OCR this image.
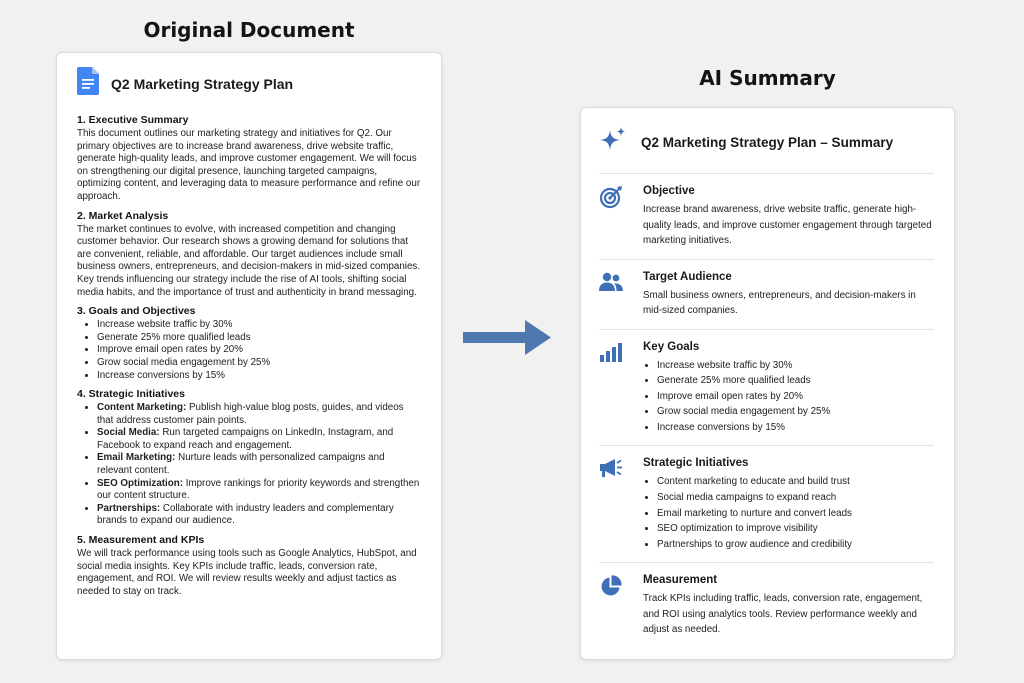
Original Document
AI Summary
Q2 Marketing Strategy Plan
1. Executive Summary

This document outlines our marketing strategy and initiatives for Q2. Our primary objectives are to increase brand awareness, drive website traffic, generate high-quality leads, and improve customer engagement. We will focus on strengthening our digital presence, launching targeted campaigns, optimizing content, and leveraging data to measure performance and refine our approach.

2. Market Analysis

The market continues to evolve, with increased competition and changing customer behavior. Our research shows a growing demand for solutions that are convenient, reliable, and affordable. Our target audiences include small business owners, entrepreneurs, and decision-makers in mid-sized companies. Key trends influencing our strategy include the rise of AI tools, shifting social media habits, and the importance of trust and authenticity in brand messaging.

3. Goals and Objectives
• Increase website traffic by 30%
• Generate 25% more qualified leads
• Improve email open rates by 20%
• Grow social media engagement by 25%
• Increase conversions by 15%
4. Strategic Initiatives
• Content Marketing: Publish high-value blog posts, guides, and videos that address customer pain points.
• Social Media: Run targeted campaigns on LinkedIn, Instagram, and Facebook to expand reach and engagement.
• Email Marketing: Nurture leads with personalized campaigns and relevant content.
• SEO Optimization: Improve rankings for priority keywords and strengthen our content structure.
• Partnerships: Collaborate with industry leaders and complementary brands to expand our audience.
5. Measurement and KPIs

We will track performance using tools such as Google Analytics, HubSpot, and social media insights. Key KPIs include traffic, leads, conversion rate, engagement, and ROI. We will review results weekly and adjust tactics as needed to stay on track.

Q2 Marketing Strategy Plan – Summary
Objective

Increase brand awareness, drive website traffic, generate high-quality leads, and improve customer engagement through targeted marketing initiatives.

Target Audience

Small business owners, entrepreneurs, and decision-makers in mid-sized companies.

Key Goals
• Increase website traffic by 30%
• Generate 25% more qualified leads
• Improve email open rates by 20%
• Grow social media engagement by 25%
• Increase conversions by 15%
Strategic Initiatives
• Content marketing to educate and build trust
• Social media campaigns to expand reach
• Email marketing to nurture and convert leads
• SEO optimization to improve visibility
• Partnerships to grow audience and credibility
Measurement

Track KPIs including traffic, leads, conversion rate, engagement, and ROI using analytics tools. Review performance weekly and adjust as needed.
